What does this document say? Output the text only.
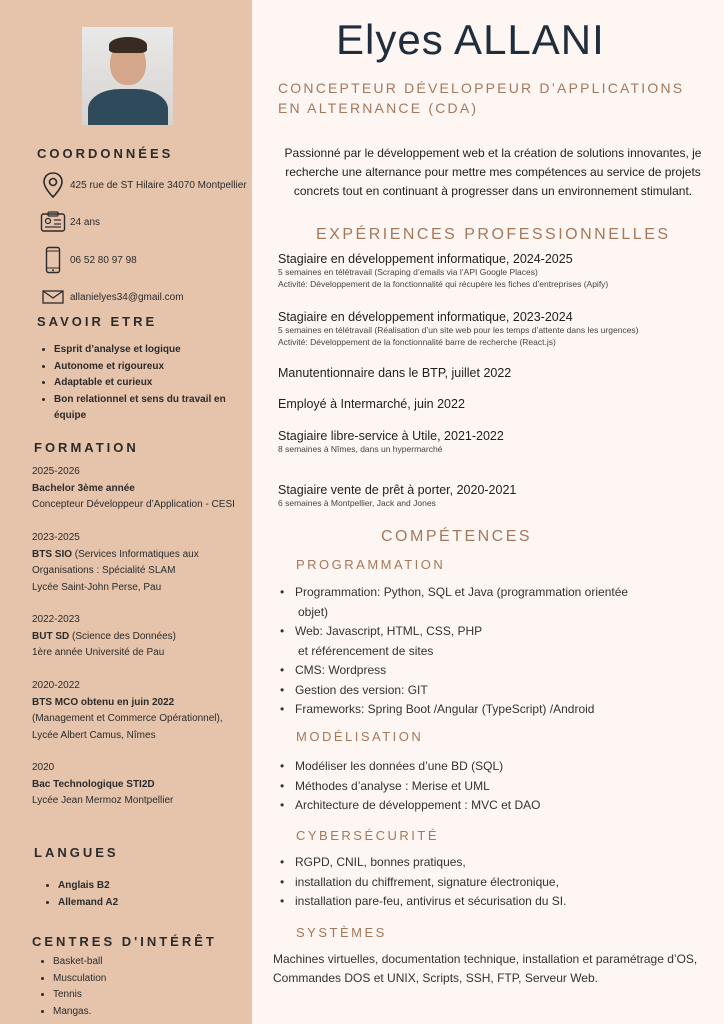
COORDONNÉES
425 rue de ST Hilaire 34070 Montpellier
24 ans
06 52 80 97 98
allanielyes34@gmail.com
SAVOIR ETRE
• Esprit d’analyse et logique
• Autonome et rigoureux
• Adaptable et curieux
• Bon relationnel et sens du travail en équipe
FORMATION
2025-2026
Bachelor 3ème année
Concepteur Développeur d’Application - CESI
2023-2025
BTS SIO (Services Informatiques aux
Organisations : Spécialité SLAM
Lycée Saint-John Perse, Pau
2022-2023
BUT SD (Science des Données)
1ère année Université de Pau
2020-2022
BTS MCO obtenu en juin 2022
(Management et Commerce Opérationnel),
Lycée Albert Camus, Nîmes
2020
Bac Technologique STI2D
Lycée Jean Mermoz Montpellier
LANGUES
• Anglais B2
• Allemand A2
CENTRES D'INTÉRÊT
• Basket-ball
• Musculation
• Tennis
• Mangas.
Elyes ALLANI
CONCEPTEUR DÉVELOPPEUR D’APPLICATIONS EN ALTERNANCE (CDA)
Passionné par le développement web et la création de solutions innovantes, je recherche une alternance pour mettre mes compétences au service de projets concrets tout en continuant à progresser dans un environnement stimulant.
EXPÉRIENCES PROFESSIONNELLES
Stagiaire en développement informatique, 2024-2025
5 semaines en télétravail (Scraping d’emails via l’API Google Places)
Activité: Développement de la fonctionnalité qui récupère les fiches d’entreprises (Apify)
Stagiaire en développement informatique, 2023-2024
5 semaines en télétravail (Réalisation d’un site web pour les temps d’attente dans les urgences)
Activité: Développement de la fonctionnalité barre de recherche (React.js)
Manutentionnaire dans le BTP, juillet 2022
Employé à Intermarché, juin 2022
Stagiaire libre-service à Utile, 2021-2022
8 semaines à Nîmes, dans un hypermarché
Stagiaire vente de prêt à porter, 2020-2021
6 semaines à Montpellier, Jack and Jones
COMPÉTENCES
PROGRAMMATION
• Programmation: Python, SQL et Java (programmation orientée
objet)
• Web: Javascript, HTML, CSS, PHP
et référencement de sites
• CMS: Wordpress
• Gestion des version: GIT
• Frameworks: Spring Boot /Angular (TypeScript) /Android
MODÉLISATION
• Modéliser les données d’une BD (SQL)
• Méthodes d’analyse : Merise et UML
• Architecture de développement : MVC et DAO
CYBERSÉCURITÉ
• RGPD, CNIL, bonnes pratiques,
• installation du chiffrement, signature électronique,
• installation pare-feu, antivirus et sécurisation du SI.
SYSTÈMES
Machines virtuelles, documentation technique, installation et paramétrage d’OS, Commandes DOS et UNIX, Scripts, SSH, FTP, Serveur Web.
